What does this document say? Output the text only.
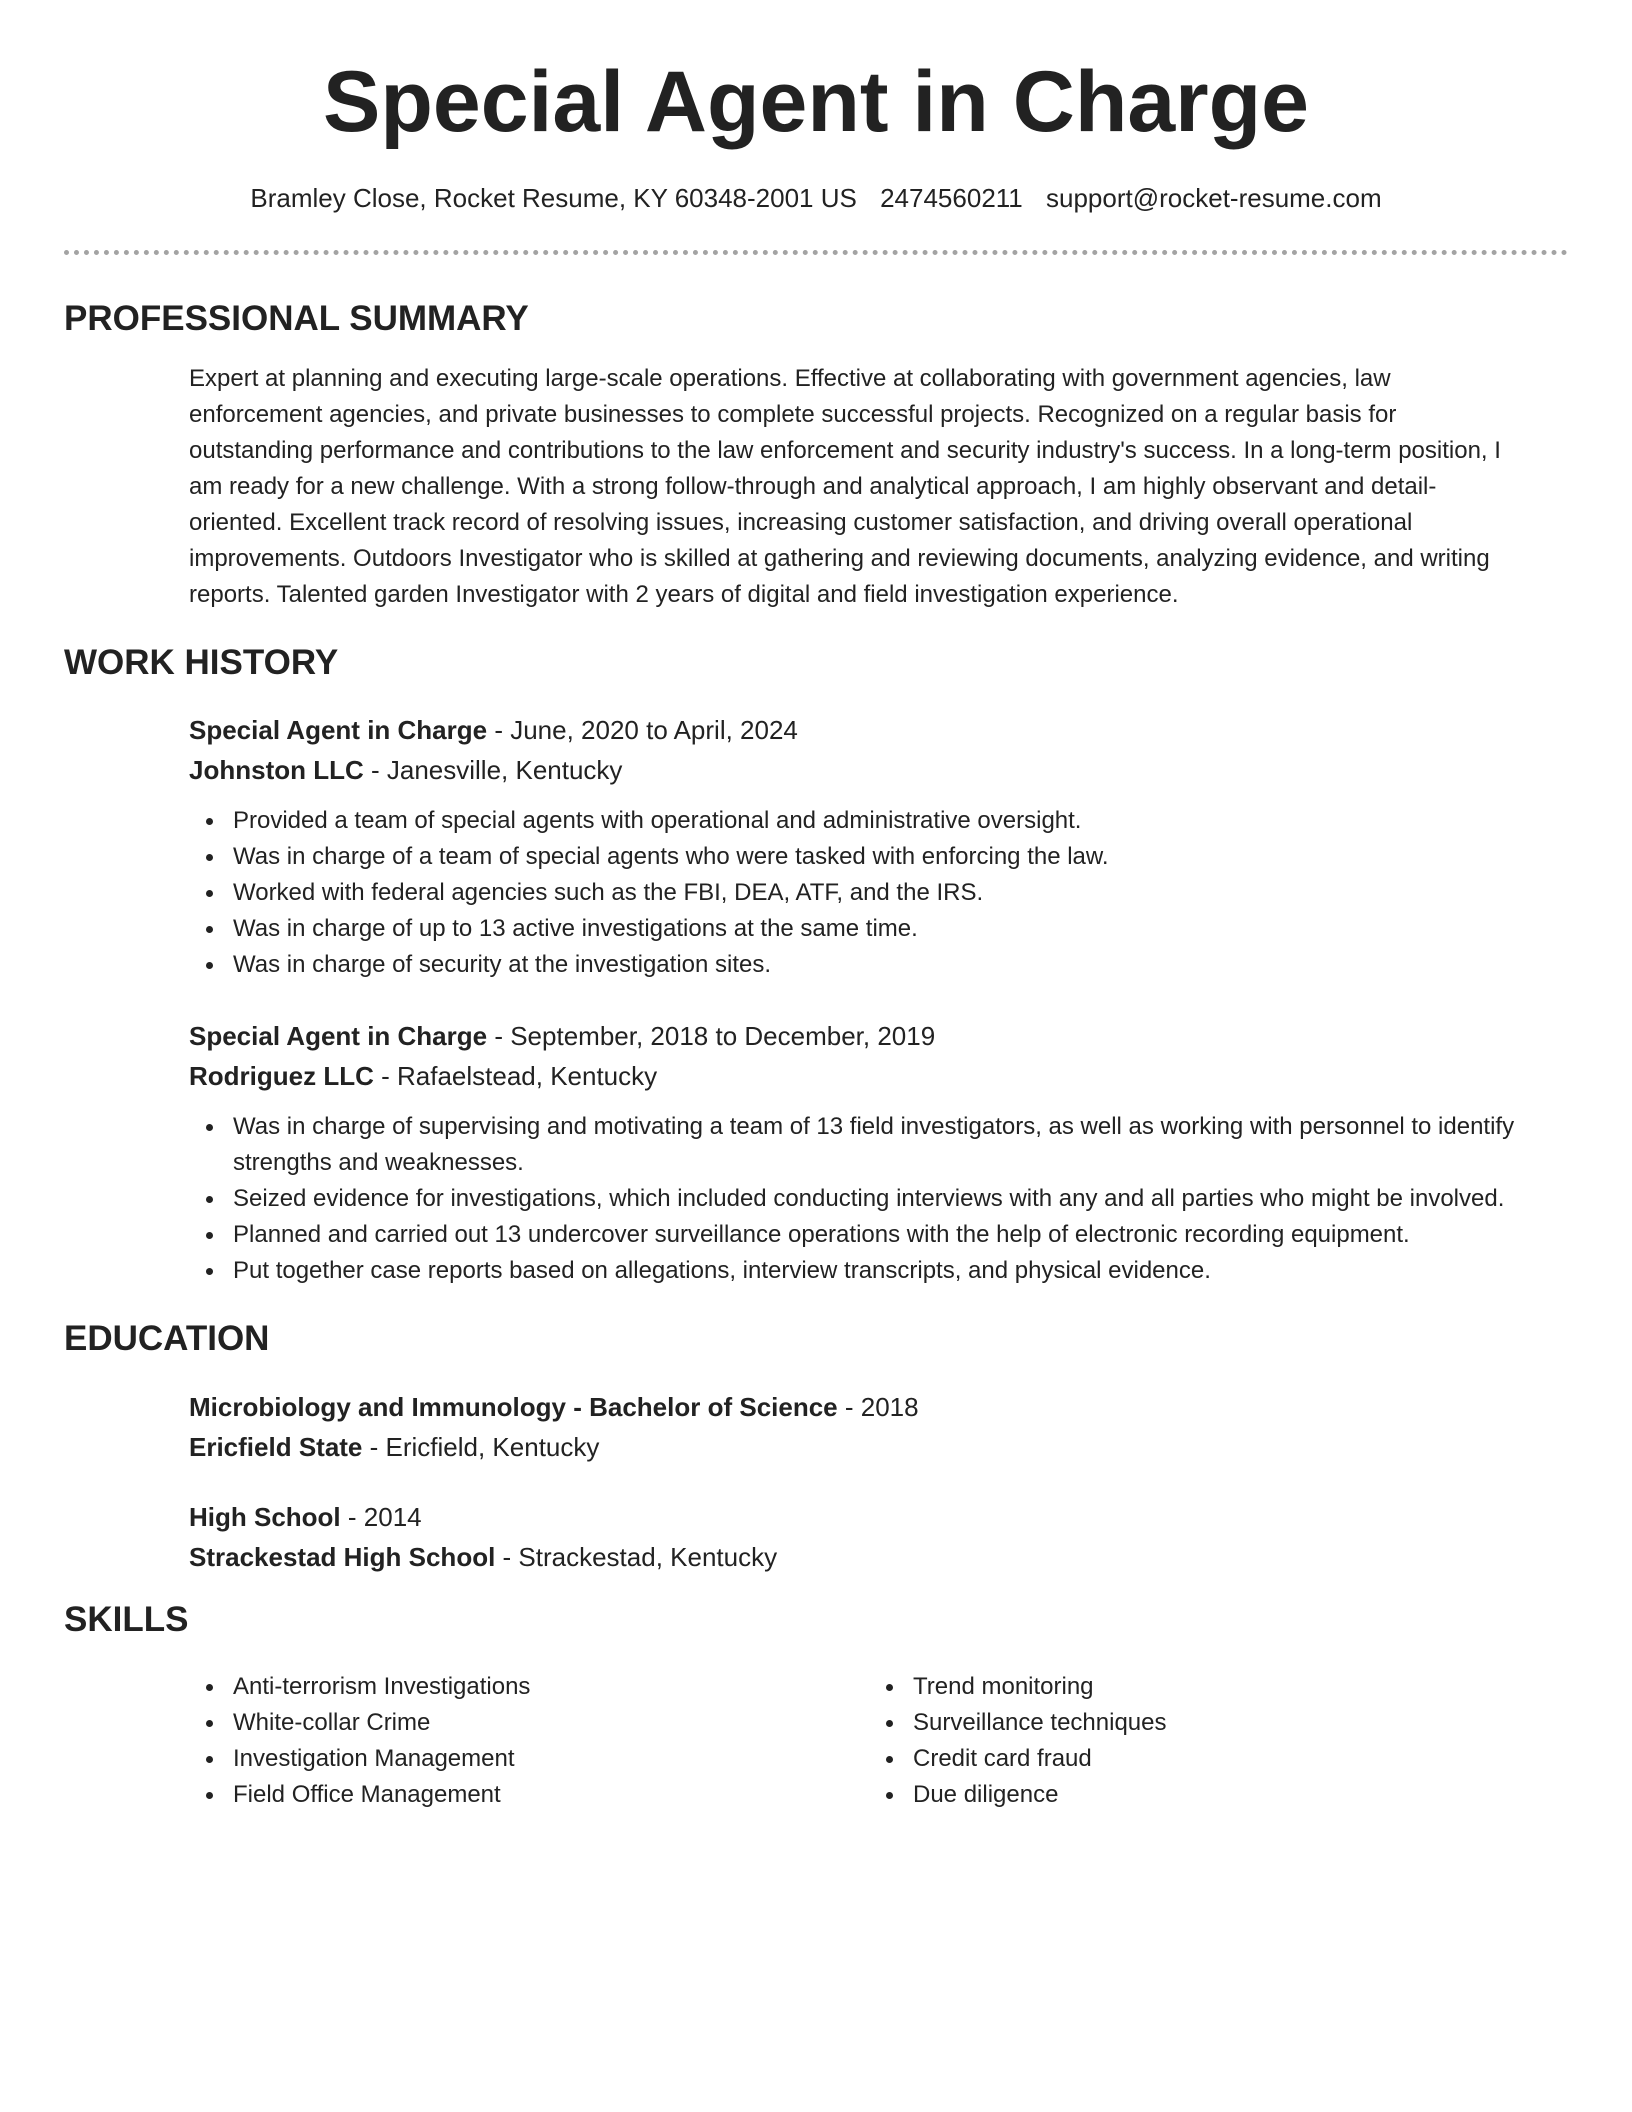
Special Agent in Charge
Bramley Close, Rocket Resume, KY 60348-2001 US 2474560211 support@rocket-resume.com
PROFESSIONAL SUMMARY

Expert at planning and executing large-scale operations. Effective at collaborating with government agencies, law

enforcement agencies, and private businesses to complete successful projects. Recognized on a regular basis for

outstanding performance and contributions to the law enforcement and security industry's success. In a long-term position, I

am ready for a new challenge. With a strong follow-through and analytical approach, I am highly observant and detail-

oriented. Excellent track record of resolving issues, increasing customer satisfaction, and driving overall operational

improvements. Outdoors Investigator who is skilled at gathering and reviewing documents, analyzing evidence, and writing

reports. Talented garden Investigator with 2 years of digital and field investigation experience.

WORK HISTORY

Special Agent in Charge - June, 2020 to April, 2024

Johnston LLC - Janesville, Kentucky

Provided a team of special agents with operational and administrative oversight.
Was in charge of a team of special agents who were tasked with enforcing the law.
Worked with federal agencies such as the FBI, DEA, ATF, and the IRS.
Was in charge of up to 13 active investigations at the same time.
Was in charge of security at the investigation sites.

Special Agent in Charge - September, 2018 to December, 2019

Rodriguez LLC - Rafaelstead, Kentucky

Was in charge of supervising and motivating a team of 13 field investigators, as well as working with personnel to identify strengths and weaknesses.
Seized evidence for investigations, which included conducting interviews with any and all parties who might be involved.
Planned and carried out 13 undercover surveillance operations with the help of electronic recording equipment.
Put together case reports based on allegations, interview transcripts, and physical evidence.
EDUCATION

Microbiology and Immunology - Bachelor of Science - 2018

Ericfield State - Ericfield, Kentucky

High School - 2014

Strackestad High School - Strackestad, Kentucky

SKILLS
Anti-terrorism Investigations
White-collar Crime
Investigation Management
Field Office Management
Trend monitoring
Surveillance techniques
Credit card fraud
Due diligence
